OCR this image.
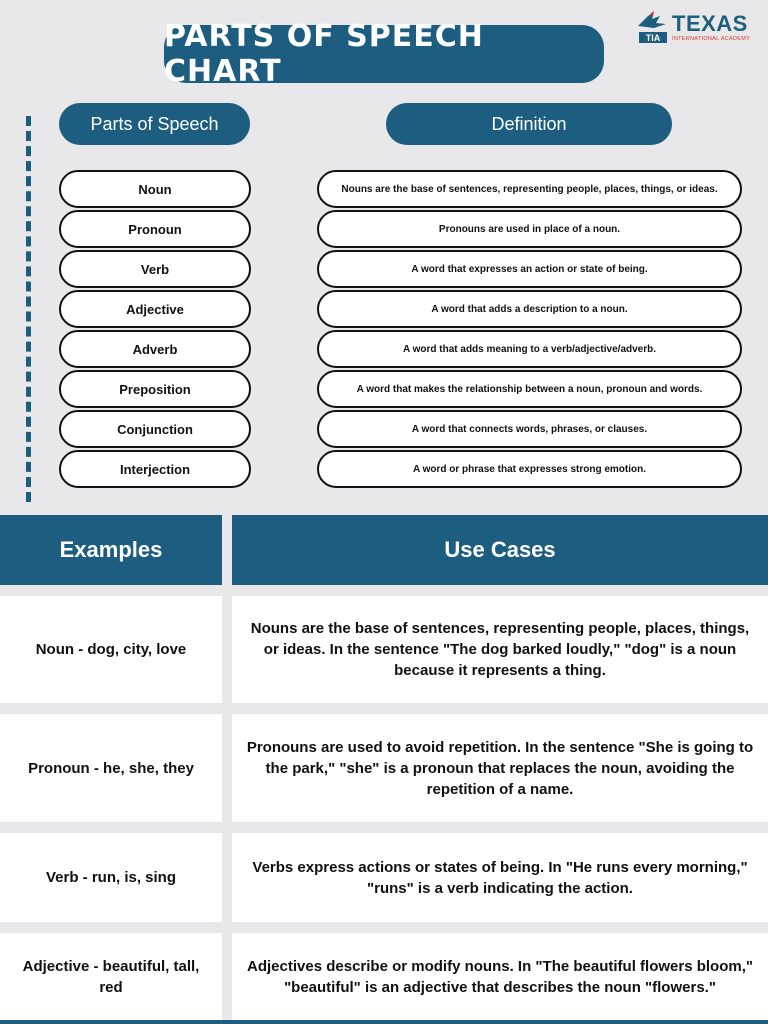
PARTS OF SPEECH CHART
TIA
TEXAS
INTERNATIONAL ACADEMY
Parts of Speech	Definition
Noun
Pronoun
Verb
Adjective
Adverb
Preposition
Conjunction
Interjection
Nouns are the base of sentences, representing people, places, things, or ideas.
Pronouns are used in place of a noun.
A word that expresses an action or state of being.
A word that adds a description to a noun.
A word that adds meaning to a verb/adjective/adverb.
A word that makes the relationship between a noun, pronoun and words.
A word that connects words, phrases, or clauses.
A word or phrase that expresses strong emotion.
Examples	Use Cases
Noun - dog, city, love
Nouns are the base of sentences, representing people, places, things, or ideas. In the sentence "The dog barked loudly," "dog" is a noun because it represents a thing.
Pronoun - he, she, they
Pronouns are used to avoid repetition. In the sentence "She is going to the park," "she" is a pronoun that replaces the noun, avoiding the repetition of a name.
Verb - run, is, sing
Verbs express actions or states of being. In "He runs every morning," "runs" is a verb indicating the action.
Adjective - beautiful, tall, red
Adjectives describe or modify nouns. In "The beautiful flowers bloom," "beautiful" is an adjective that describes the noun "flowers."
